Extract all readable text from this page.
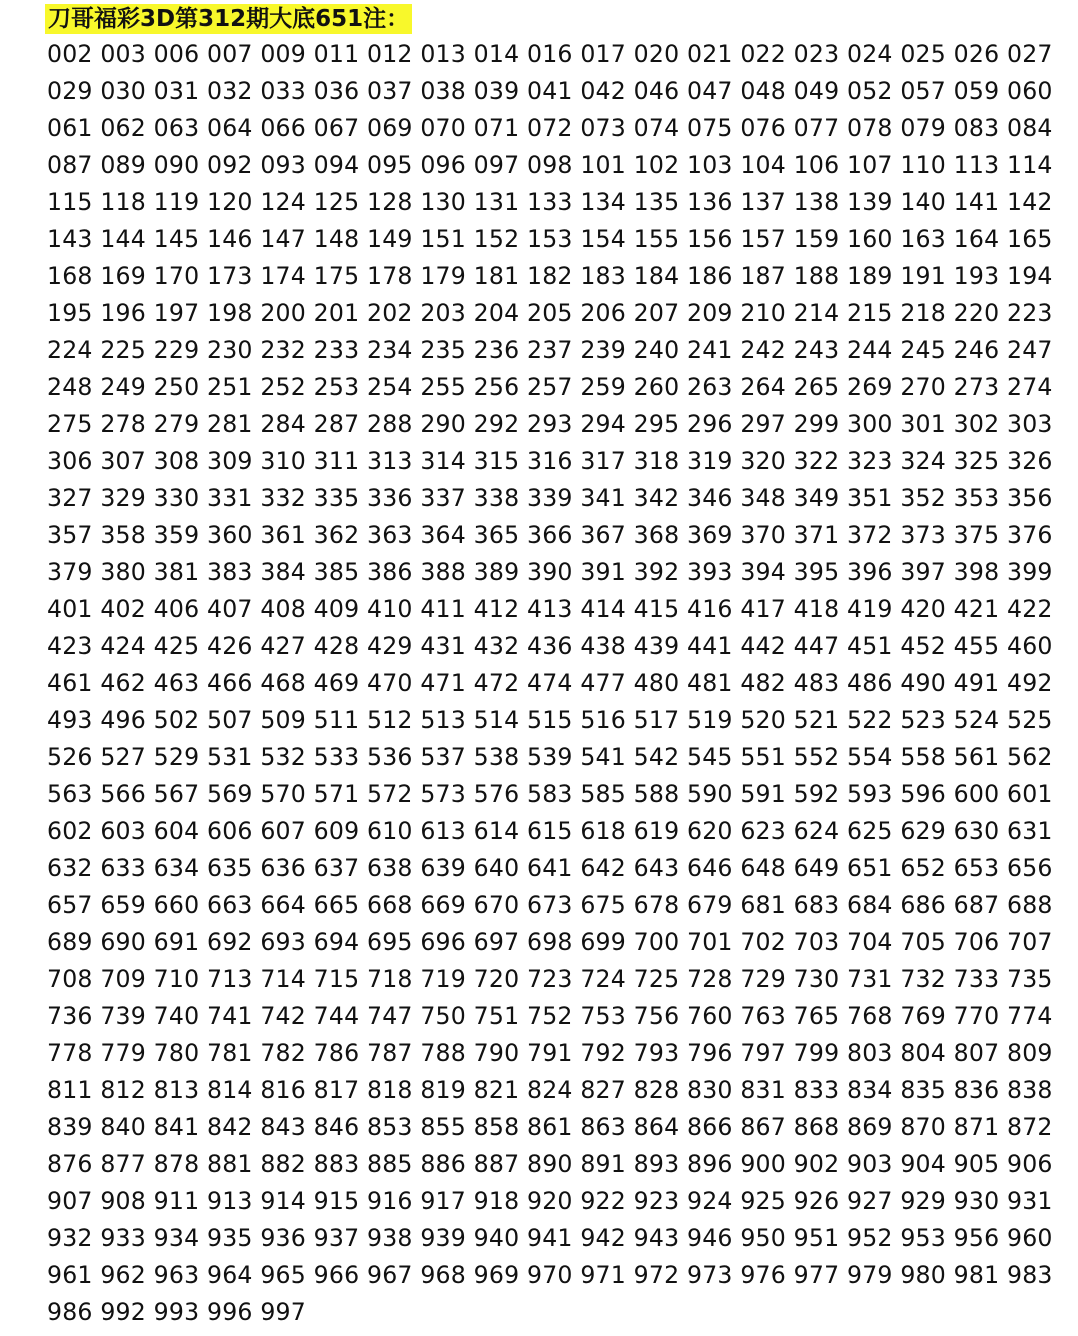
刀哥福彩3D第312期大底651注：
002 003 006 007 009 011 012 013 014 016 017 020 021 022 023 024 025 026 027
029 030 031 032 033 036 037 038 039 041 042 046 047 048 049 052 057 059 060
061 062 063 064 066 067 069 070 071 072 073 074 075 076 077 078 079 083 084
087 089 090 092 093 094 095 096 097 098 101 102 103 104 106 107 110 113 114
115 118 119 120 124 125 128 130 131 133 134 135 136 137 138 139 140 141 142
143 144 145 146 147 148 149 151 152 153 154 155 156 157 159 160 163 164 165
168 169 170 173 174 175 178 179 181 182 183 184 186 187 188 189 191 193 194
195 196 197 198 200 201 202 203 204 205 206 207 209 210 214 215 218 220 223
224 225 229 230 232 233 234 235 236 237 239 240 241 242 243 244 245 246 247
248 249 250 251 252 253 254 255 256 257 259 260 263 264 265 269 270 273 274
275 278 279 281 284 287 288 290 292 293 294 295 296 297 299 300 301 302 303
306 307 308 309 310 311 313 314 315 316 317 318 319 320 322 323 324 325 326
327 329 330 331 332 335 336 337 338 339 341 342 346 348 349 351 352 353 356
357 358 359 360 361 362 363 364 365 366 367 368 369 370 371 372 373 375 376
379 380 381 383 384 385 386 388 389 390 391 392 393 394 395 396 397 398 399
401 402 406 407 408 409 410 411 412 413 414 415 416 417 418 419 420 421 422
423 424 425 426 427 428 429 431 432 436 438 439 441 442 447 451 452 455 460
461 462 463 466 468 469 470 471 472 474 477 480 481 482 483 486 490 491 492
493 496 502 507 509 511 512 513 514 515 516 517 519 520 521 522 523 524 525
526 527 529 531 532 533 536 537 538 539 541 542 545 551 552 554 558 561 562
563 566 567 569 570 571 572 573 576 583 585 588 590 591 592 593 596 600 601
602 603 604 606 607 609 610 613 614 615 618 619 620 623 624 625 629 630 631
632 633 634 635 636 637 638 639 640 641 642 643 646 648 649 651 652 653 656
657 659 660 663 664 665 668 669 670 673 675 678 679 681 683 684 686 687 688
689 690 691 692 693 694 695 696 697 698 699 700 701 702 703 704 705 706 707
708 709 710 713 714 715 718 719 720 723 724 725 728 729 730 731 732 733 735
736 739 740 741 742 744 747 750 751 752 753 756 760 763 765 768 769 770 774
778 779 780 781 782 786 787 788 790 791 792 793 796 797 799 803 804 807 809
811 812 813 814 816 817 818 819 821 824 827 828 830 831 833 834 835 836 838
839 840 841 842 843 846 853 855 858 861 863 864 866 867 868 869 870 871 872
876 877 878 881 882 883 885 886 887 890 891 893 896 900 902 903 904 905 906
907 908 911 913 914 915 916 917 918 920 922 923 924 925 926 927 929 930 931
932 933 934 935 936 937 938 939 940 941 942 943 946 950 951 952 953 956 960
961 962 963 964 965 966 967 968 969 970 971 972 973 976 977 979 980 981 983
986 992 993 996 997
